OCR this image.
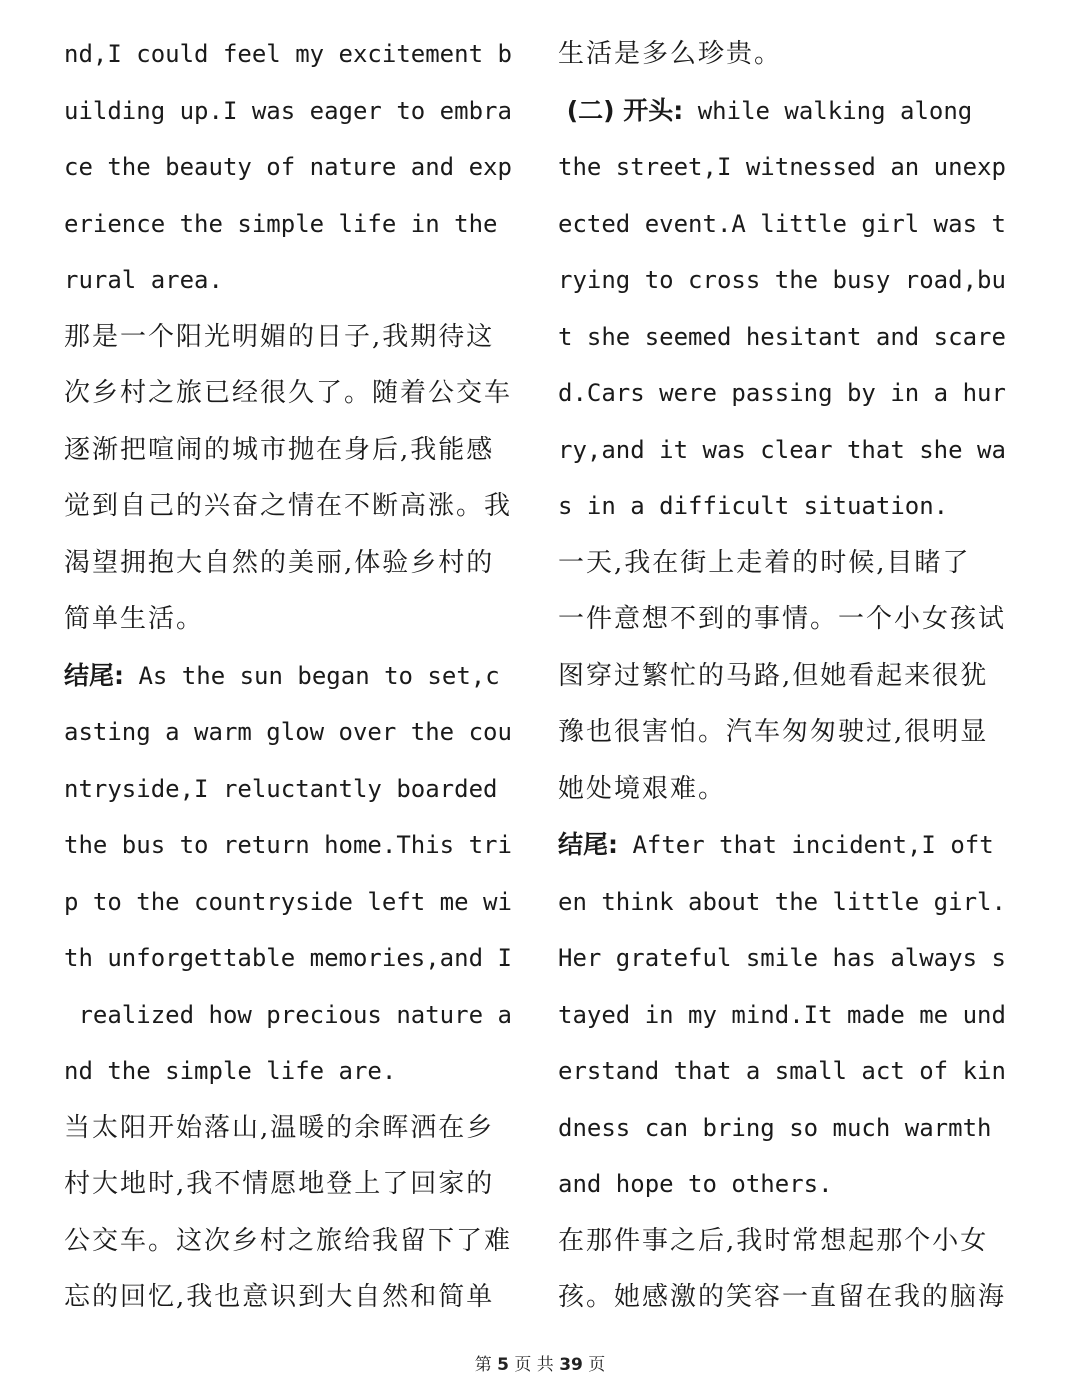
nd,I could feel my excitement b
uilding up.I was eager to embra
ce the beauty of nature and exp
erience the simple life in the
rural area.
那是一个阳光明媚的日子,我期待这
次乡村之旅已经很久了。随着公交车
逐渐把喧闹的城市抛在身后,我能感
觉到自己的兴奋之情在不断高涨。我
渴望拥抱大自然的美丽,体验乡村的
简单生活。
结尾: As the sun began to set,c
asting a warm glow over the cou
ntryside,I reluctantly boarded
the bus to return home.This tri
p to the countryside left me wi
th unforgettable memories,and I
realized how precious nature a
nd the simple life are.
当太阳开始落山,温暖的余晖洒在乡
村大地时,我不情愿地登上了回家的
公交车。这次乡村之旅给我留下了难
忘的回忆,我也意识到大自然和简单
生活是多么珍贵。
(二) 开头: while walking along
the street,I witnessed an unexp
ected event.A little girl was t
rying to cross the busy road,bu
t she seemed hesitant and scare
d.Cars were passing by in a hur
ry,and it was clear that she wa
s in a difficult situation.
一天,我在街上走着的时候,目睹了
一件意想不到的事情。一个小女孩试
图穿过繁忙的马路,但她看起来很犹
豫也很害怕。汽车匆匆驶过,很明显
她处境艰难。
结尾: After that incident,I oft
en think about the little girl.
Her grateful smile has always s
tayed in my mind.It made me und
erstand that a small act of kin
dness can bring so much warmth
and hope to others.
在那件事之后,我时常想起那个小女
孩。她感激的笑容一直留在我的脑海
第 5 页 共 39 页
